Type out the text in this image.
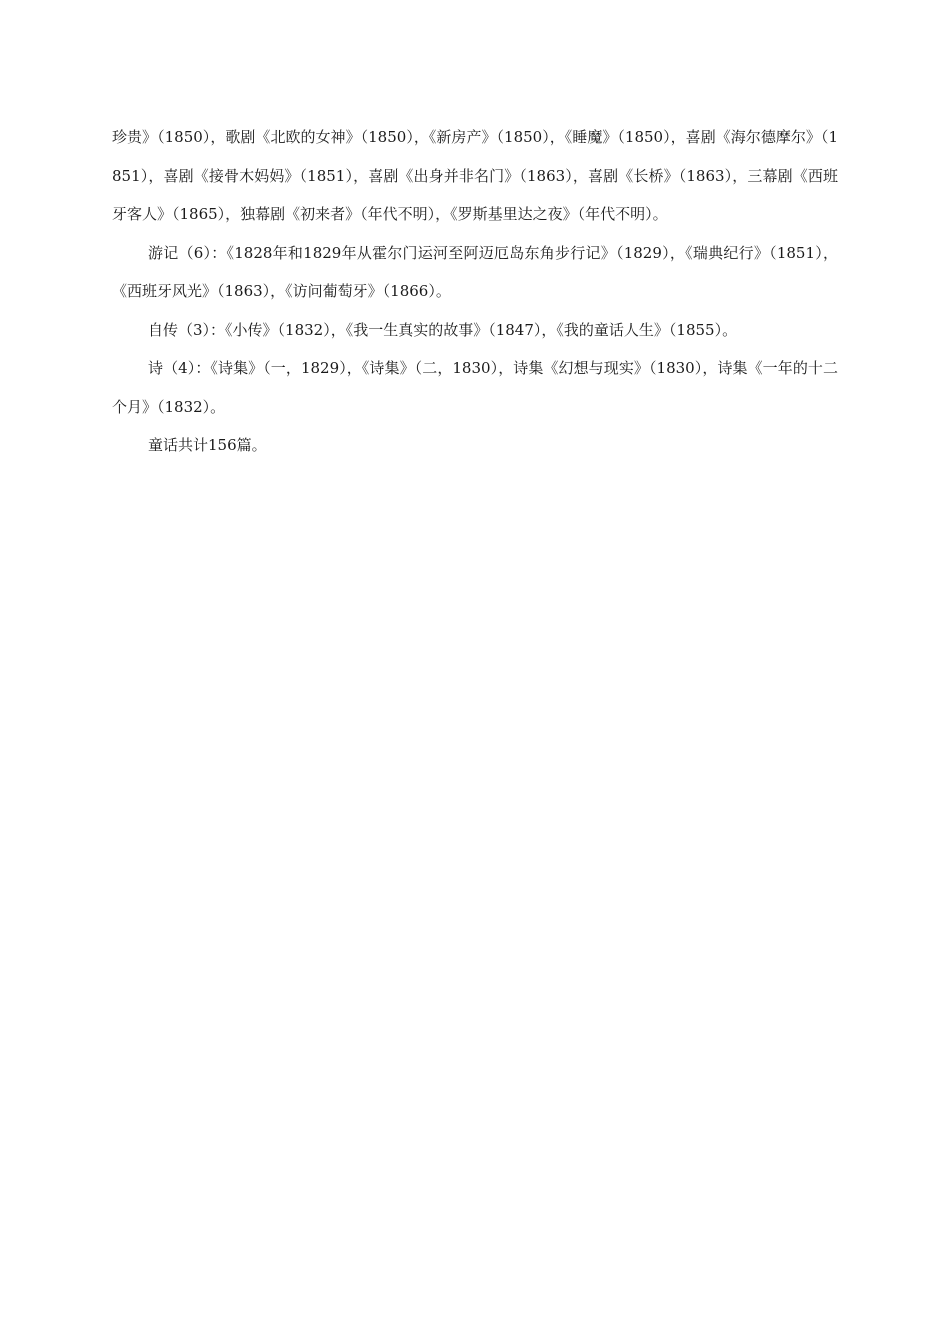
珍贵》（1850），歌剧《北欧的女神》（1850），《新房产》（1850），《睡魔》（1850），喜剧《海尔德摩尔》（1851），喜剧《接骨木妈妈》（1851），喜剧《出身并非名门》（1863），喜剧《长桥》（1863），三幕剧《西班牙客人》（1865），独幕剧《初来者》（年代不明），《罗斯基里达之夜》（年代不明）。

游记（6）：《1828年和1829年从霍尔门运河至阿迈厄岛东角步行记》（1829），《瑞典纪行》（1851），《西班牙风光》（1863），《访问葡萄牙》（1866）。

自传（3）：《小传》（1832），《我一生真实的故事》（1847），《我的童话人生》（1855）。

诗（4）：《诗集》（一，1829），《诗集》（二，1830），诗集《幻想与现实》（1830），诗集《一年的十二个月》（1832）。

童话共计156篇。
